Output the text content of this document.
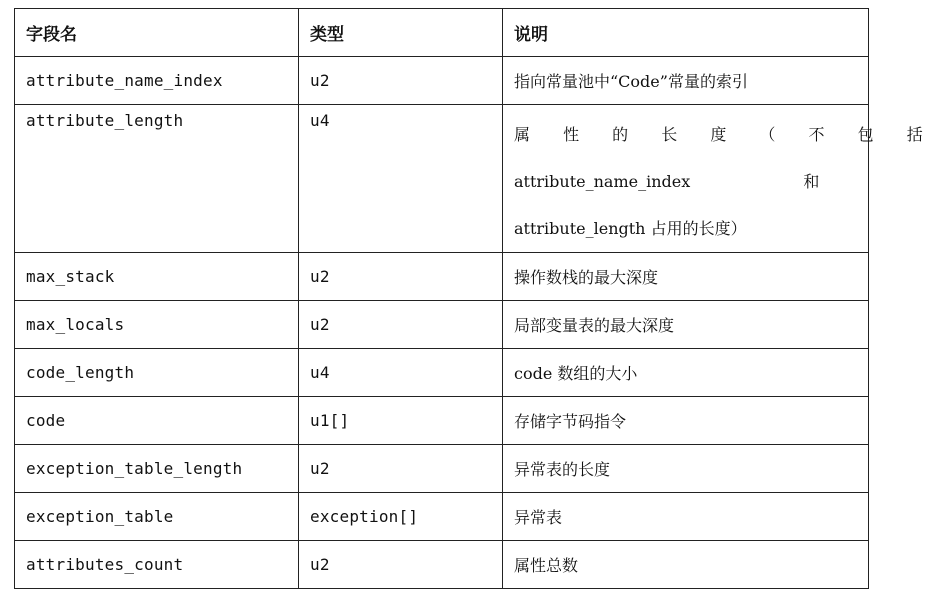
字段名	类型	说明
attribute_name_index	u2	指向常量池中“Code”常量的索引
attribute_length	u4	属 性 的 长 度 （ 不 包 括
attribute_name_index 和
attribute_length 占用的长度）

max_stack	u2	操作数栈的最大深度
max_locals	u2	局部变量表的最大深度
code_length	u4	code 数组的大小
code	u1[]	存储字节码指令
exception_table_length	u2	异常表的长度
exception_table	exception[]	异常表
attributes_count	u2	属性总数
